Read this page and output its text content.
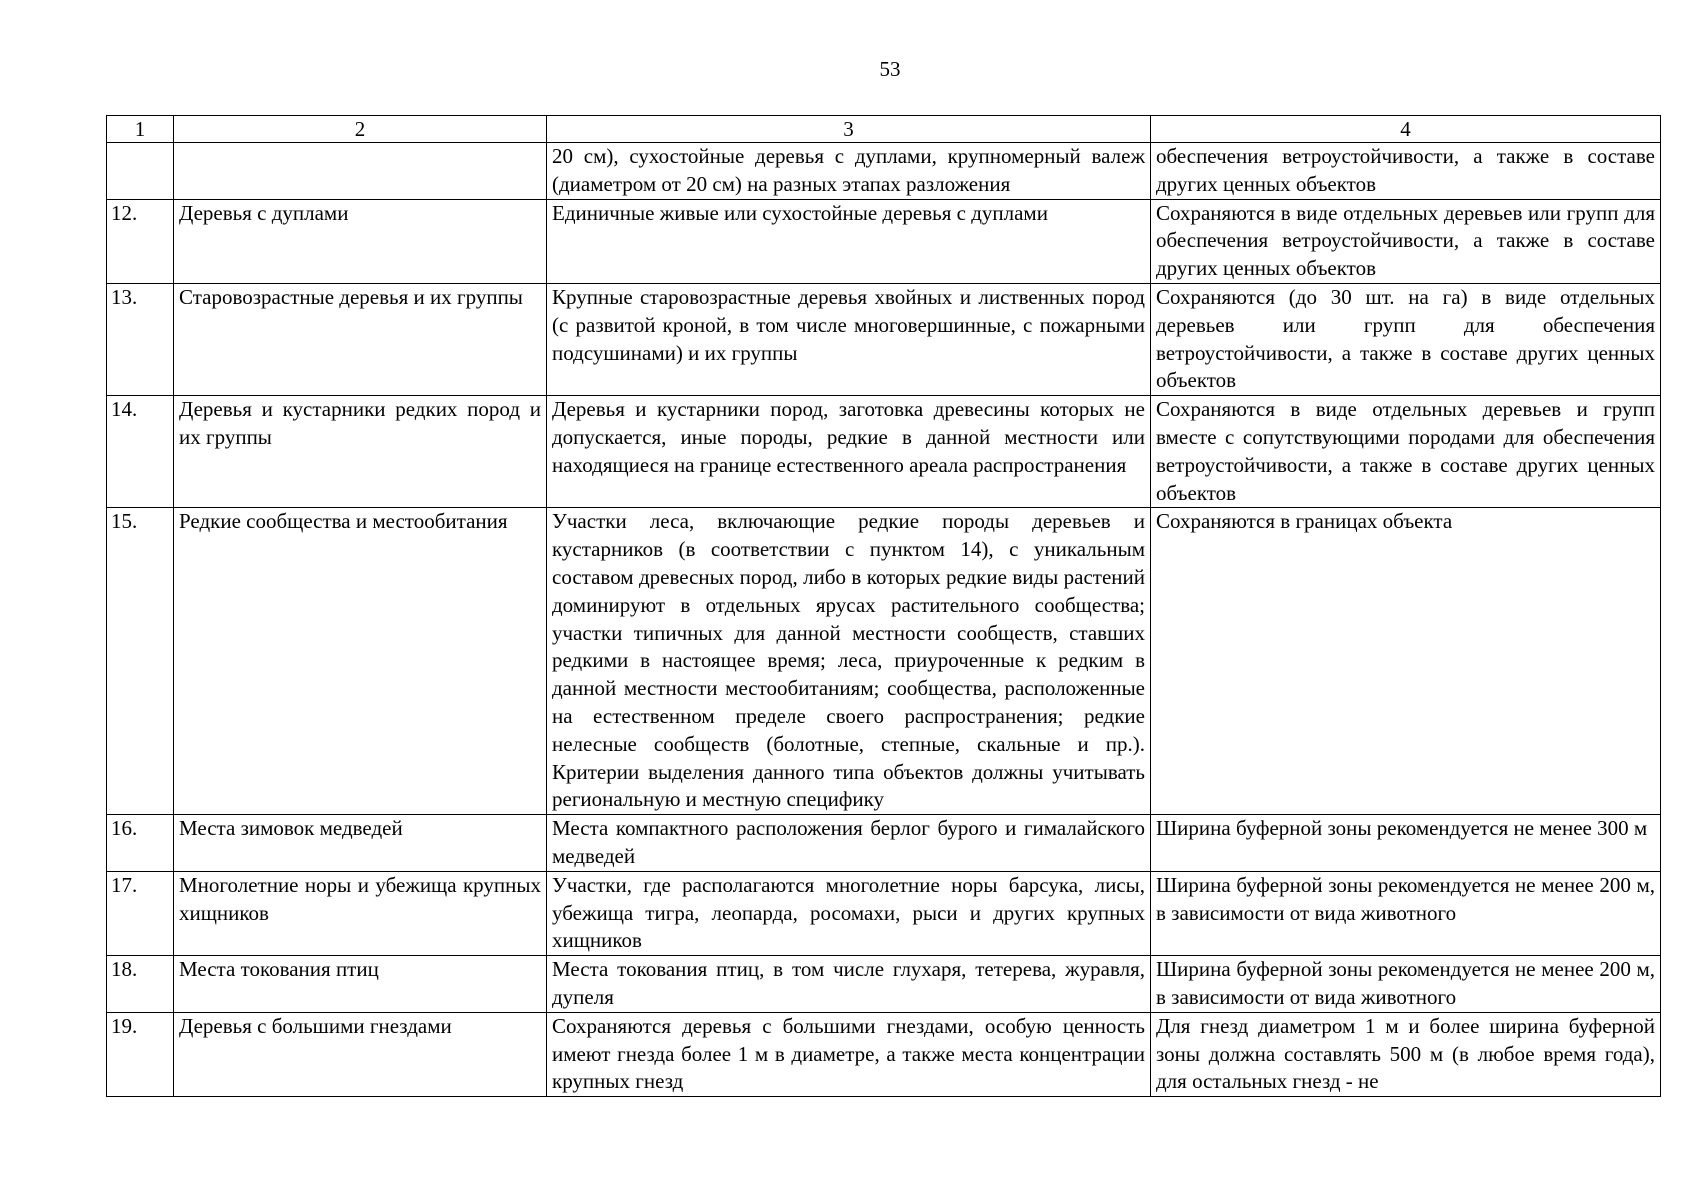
53
1	2	3	4
		20 см), сухостойные деревья с дуплами, крупномерный валеж (диаметром от 20 см) на разных этапах разложения	обеспечения ветроустойчивости, а также в составе других ценных объектов
12.	Деревья с дуплами	Единичные живые или сухостойные деревья с дуплами	Сохраняются в виде отдельных деревьев или групп для обеспечения ветроустойчивости, а также в составе других ценных объектов
13.	Старовозрастные деревья и их группы	Крупные старовозрастные деревья хвойных и лиственных пород (с развитой кроной, в том числе многовершинные, с пожарными подсушинами) и их группы	Сохраняются (до 30 шт. на га) в виде отдельных деревьев или групп для обеспечения ветроустойчивости, а также в составе других ценных объектов
14.	Деревья и кустарники редких пород и их группы	Деревья и кустарники пород, заготовка древесины которых не допускается, иные породы, редкие в данной местности или находящиеся на границе естественного ареала распространения	Сохраняются в виде отдельных деревьев и групп вместе с сопутствующими породами для обеспечения ветроустойчивости, а также в составе других ценных объектов
15.	Редкие сообщества и местообитания	Участки леса, включающие редкие породы деревьев и кустарников (в соответствии с пунктом 14), с уникальным составом древесных пород, либо в которых редкие виды растений доминируют в отдельных ярусах растительного сообщества; участки типичных для данной местности сообществ, ставших редкими в настоящее время; леса, приуроченные к редким в данной местности местообитаниям; сообщества, расположенные на естественном пределе своего распространения; редкие нелесные сообществ (болотные, степные, скальные и пр.). Критерии выделения данного типа объектов должны учитывать региональную и местную специфику	Сохраняются в границах объекта
16.	Места зимовок медведей	Места компактного расположения берлог бурого и гималайского медведей	Ширина буферной зоны рекомендуется не менее 300 м
17.	Многолетние норы и убежища крупных хищников	Участки, где располагаются многолетние норы барсука, лисы, убежища тигра, леопарда, росомахи, рыси и других крупных хищников	Ширина буферной зоны рекомендуется не менее 200 м, в зависимости от вида животного
18.	Места токования птиц	Места токования птиц, в том числе глухаря, тетерева, журавля, дупеля	Ширина буферной зоны рекомендуется не менее 200 м, в зависимости от вида животного
19.	Деревья с большими гнездами	Сохраняются деревья с большими гнездами, особую ценность имеют гнезда более 1 м в диаметре, а также места концентрации крупных гнезд	Для гнезд диаметром 1 м и более ширина буферной зоны должна составлять 500 м (в любое время года), для остальных гнезд - не
